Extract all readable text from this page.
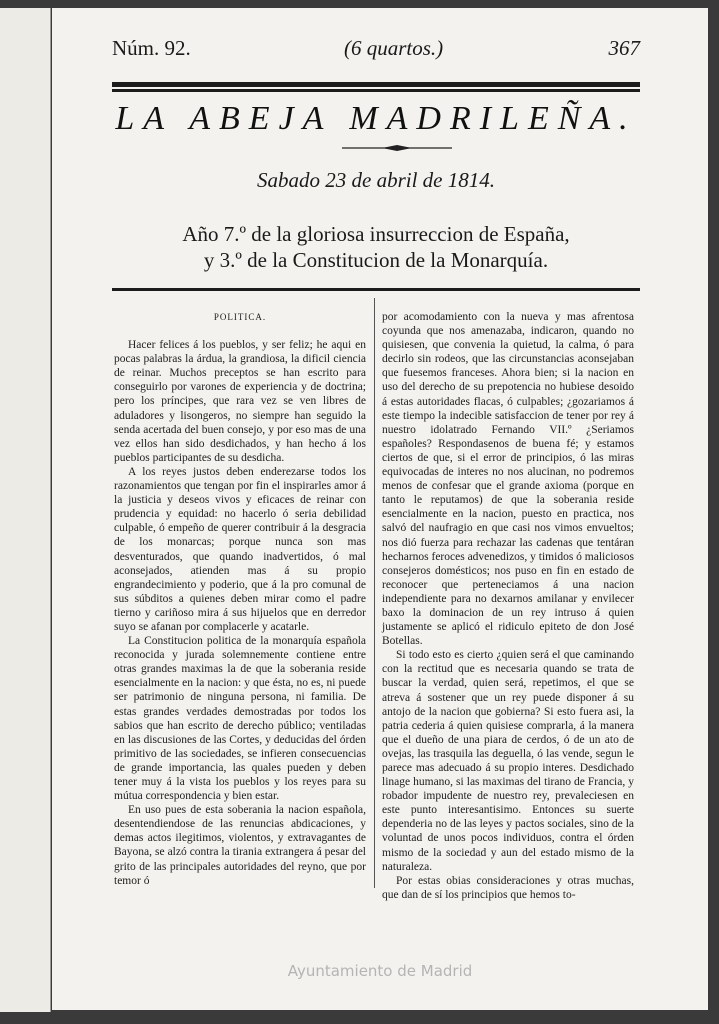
Núm. 92.	(6 quartos.)	367
LA ABEJA MADRILEÑA.
Sabado 23 de abril de 1814.
Año 7.º de la gloriosa insurreccion de España,
y 3.º de la Constitucion de la Monarquía.
POLITICA.

Hacer felices á los pueblos, y ser feliz; he aqui en pocas palabras la árdua, la grandiosa, la dificil ciencia de reinar. Muchos preceptos se han escrito para conseguirlo por varones de experiencia y de doctrina; pero los príncipes, que rara vez se ven libres de aduladores y lisongeros, no siempre han seguido la senda acertada del buen consejo, y por eso mas de una vez ellos han sido desdichados, y han hecho á los pueblos participantes de su desdicha.

A los reyes justos deben enderezarse todos los razonamientos que tengan por fin el inspirarles amor á la justicia y deseos vivos y eficaces de reinar con prudencia y equidad: no hacerlo ó seria debilidad culpable, ó empeño de querer contribuir á la desgracia de los monarcas; porque nunca son mas desventurados, que quando inadvertidos, ó mal aconsejados, atienden mas á su propio engrandecimiento y poderio, que á la pro comunal de sus súbditos a quienes deben mirar como el padre tierno y cariñoso mira á sus hijuelos que en derredor suyo se afanan por complacerle y acatarle.

La Constitucion politica de la monarquía española reconocida y jurada solemnemente contiene entre otras grandes maximas la de que la soberania reside esencialmente en la nacion: y que ésta, no es, ni puede ser patrimonio de ninguna persona, ni familia. De estas grandes verdades demostradas por todos los sabios que han escrito de derecho público; ventiladas en las discusiones de las Cortes, y deducidas del órden primitivo de las sociedades, se infieren consecuencias de grande importancia, las quales pueden y deben tener muy á la vista los pueblos y los reyes para su mútua correspondencia y bien estar.

En uso pues de esta soberania la nacion española, desentendiendose de las renuncias abdicaciones, y demas actos ilegitimos, violentos, y extravagantes de Bayona, se alzó contra la tirania extrangera á pesar del grito de las principales autoridades del reyno, que por temor ó

por acomodamiento con la nueva y mas afrentosa coyunda que nos amenazaba, indicaron, quando no quisiesen, que convenia la quietud, la calma, ó para decirlo sin rodeos, que las circunstancias aconsejaban que fuesemos franceses. Ahora bien; si la nacion en uso del derecho de su prepotencia no hubiese desoido á estas autoridades flacas, ó culpables; ¿gozariamos á este tiempo la indecible satisfaccion de tener por rey á nuestro idolatrado Fernando VII.º ¿Seriamos españoles? Respondasenos de buena fé; y estamos ciertos de que, si el error de principios, ó las miras equivocadas de interes no nos alucinan, no podremos menos de confesar que el grande axioma (porque en tanto le reputamos) de que la soberania reside esencialmente en la nacion, puesto en practica, nos salvó del naufragio en que casi nos vimos envueltos; nos dió fuerza para rechazar las cadenas que tentáran hecharnos feroces advenedizos, y timidos ó maliciosos consejeros domésticos; nos puso en fin en estado de reconocer que perteneciamos á una nacion independiente para no dexarnos amilanar y envilecer baxo la dominacion de un rey intruso á quien justamente se aplicó el ridiculo epiteto de don José Botellas.

Si todo esto es cierto ¿quien será el que caminando con la rectitud que es necesaria quando se trata de buscar la verdad, quien será, repetimos, el que se atreva á sostener que un rey puede disponer á su antojo de la nacion que gobierna? Si esto fuera asi, la patria cederia á quien quisiese comprarla, á la manera que el dueño de una piara de cerdos, ó de un ato de ovejas, las trasquila las deguella, ó las vende, segun le parece mas adecuado á su propio interes. Desdichado linage humano, si las maximas del tirano de Francia, y robador impudente de nuestro rey, prevaleciesen en este punto interesantisimo. Entonces su suerte dependeria no de las leyes y pactos sociales, sino de la voluntad de unos pocos individuos, contra el órden mismo de la sociedad y aun del estado mismo de la naturaleza.

Por estas obias consideraciones y otras muchas, que dan de sí los principios que hemos to-

Ayuntamiento de Madrid
